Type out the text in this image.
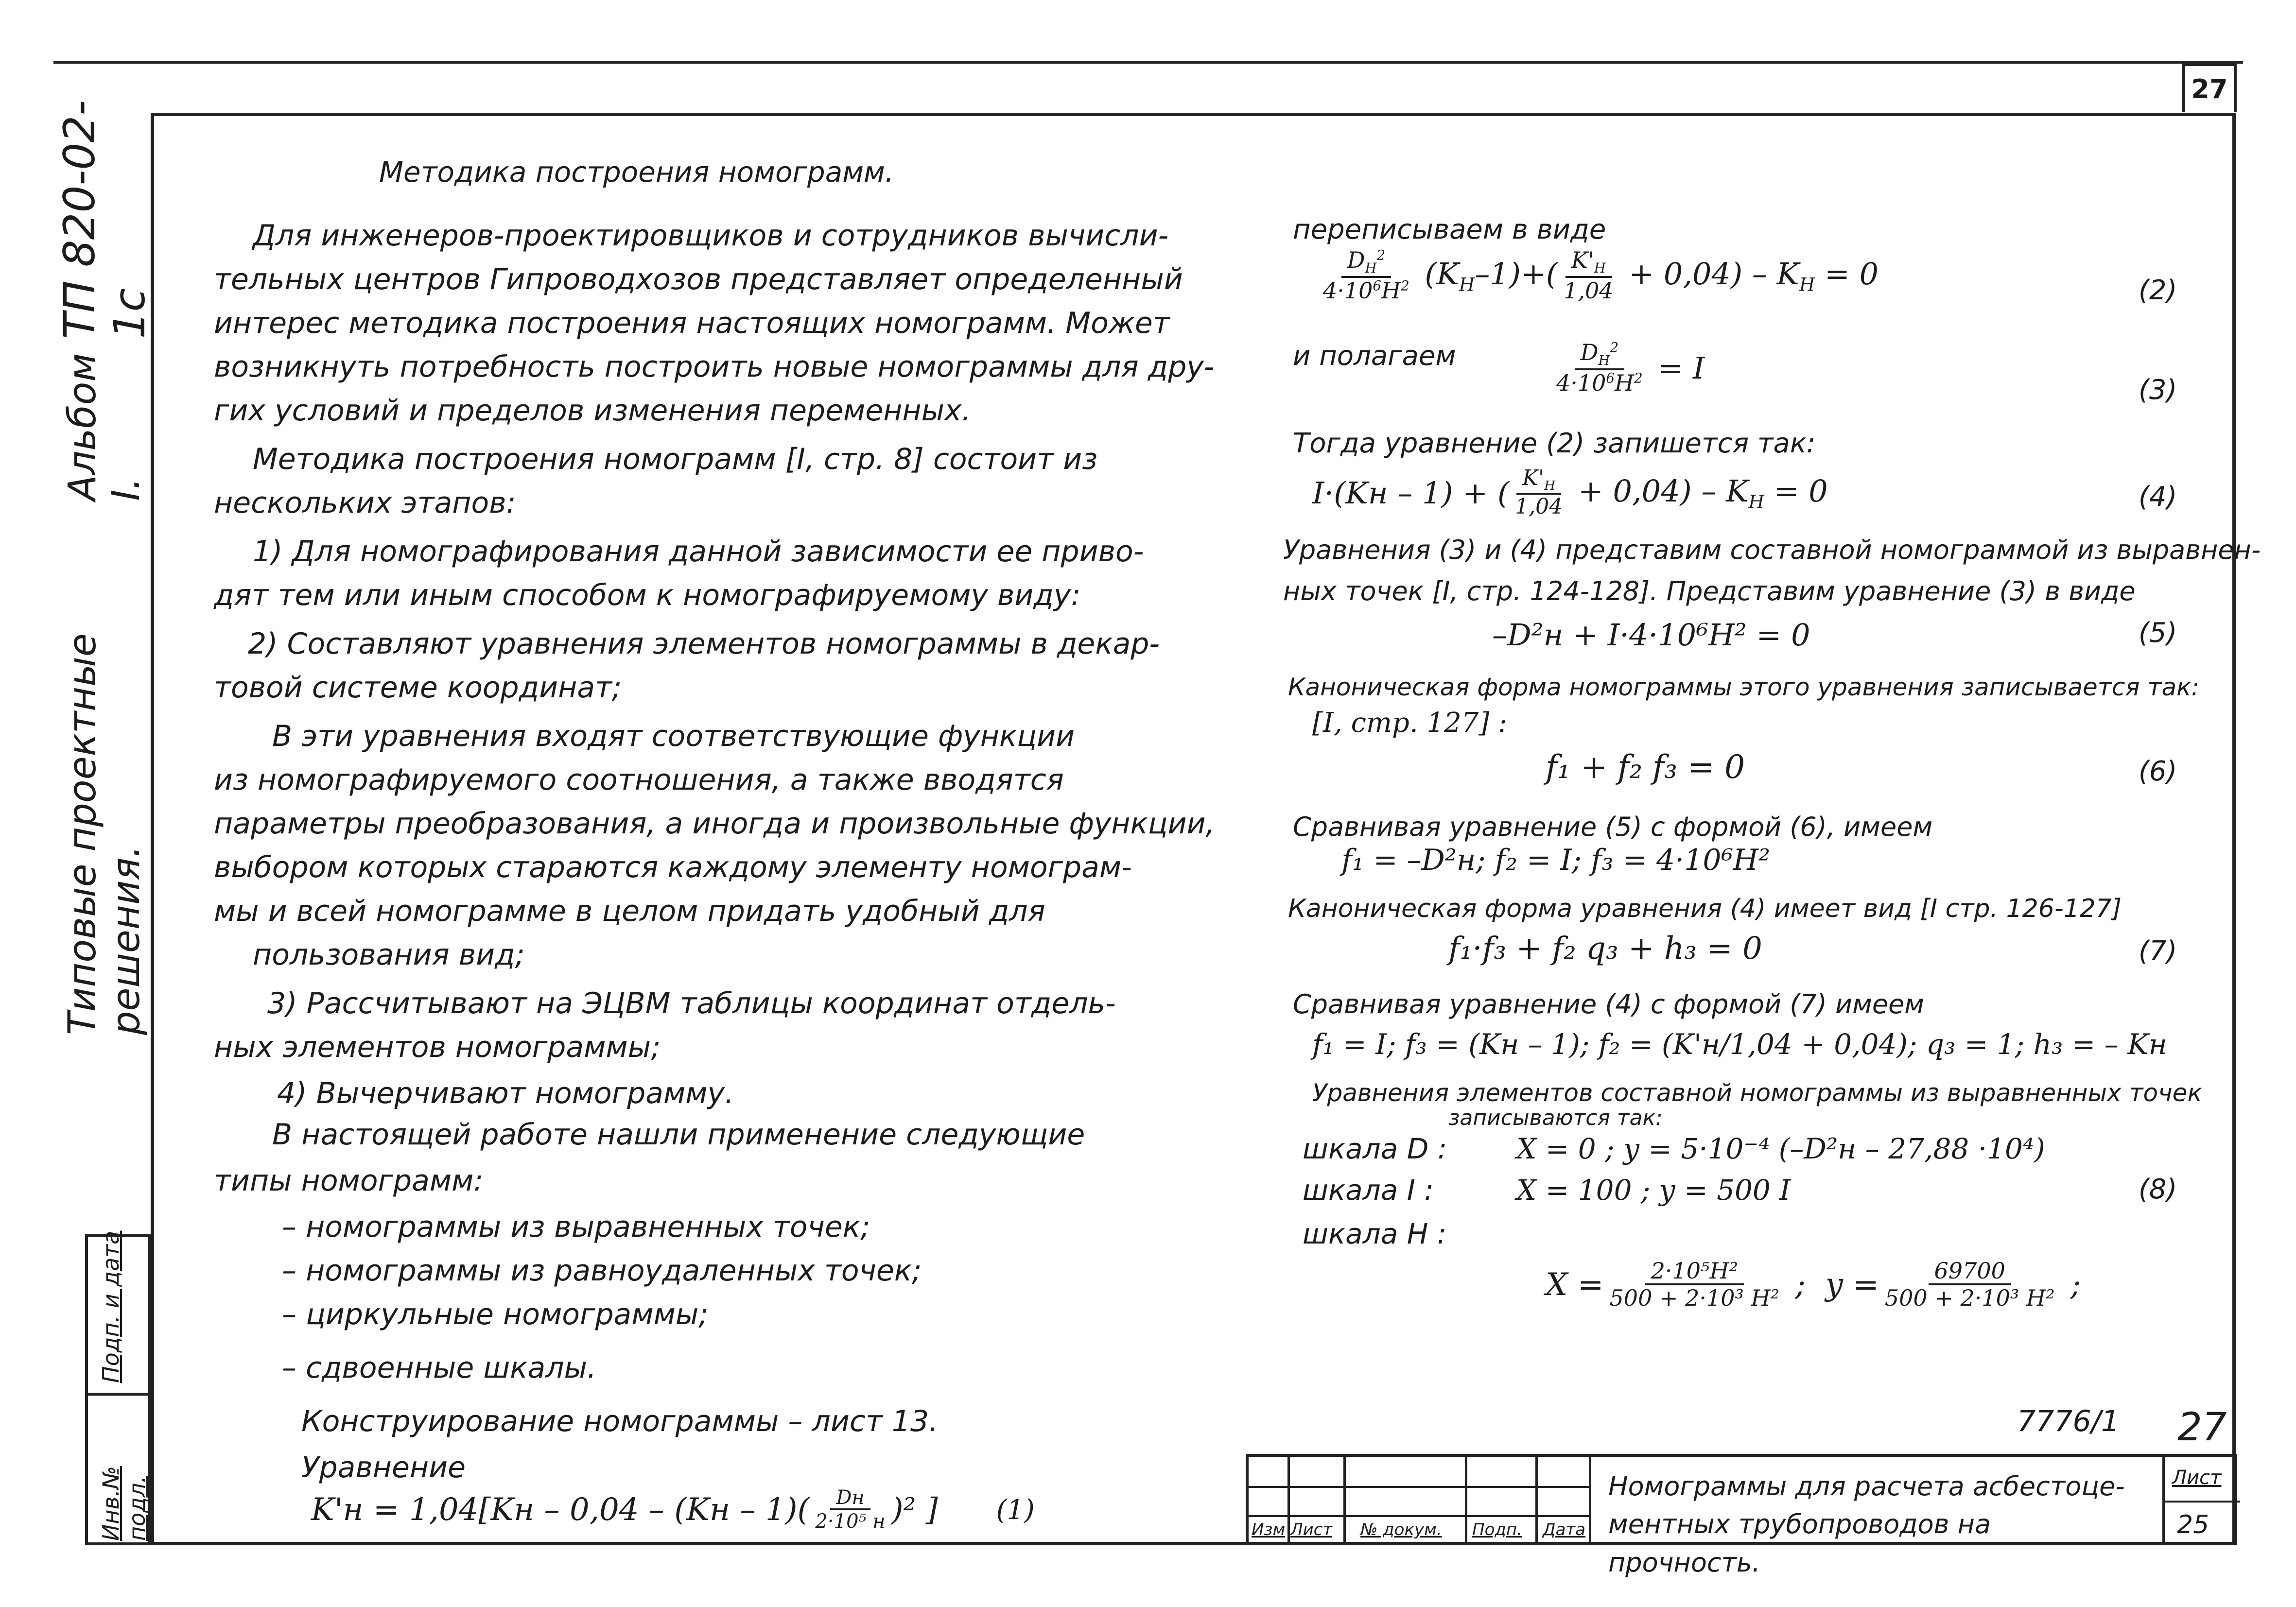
27
Типовые проектные решения.
Альбом I.
ТП 820-02-1с
Подп. и дата
Инв.№ подл.
Методика построения номограмм.
Для инженеров-проектировщиков и сотрудников вычисли-
тельных центров Гипроводхозов представляет определенный
интерес методика построения настоящих номограмм. Может
возникнуть потребность построить новые номограммы для дру-
гих условий и пределов изменения переменных.
Методика построения номограмм [I, стр. 8] состоит из
нескольких этапов:
1) Для номографирования данной зависимости ее приво-
дят тем или иным способом к номографируемому виду:
2) Составляют уравнения элементов номограммы в декар-
товой системе координат;
В эти уравнения входят соответствующие функции
из номографируемого соотношения, а также вводятся
параметры преобразования, а иногда и произвольные функции,
выбором которых стараются каждому элементу номограм-
мы и всей номограмме в целом придать удобный для
пользования вид;
3) Рассчитывают на ЭЦВМ таблицы координат отдель-
ных элементов номограммы;
4) Вычерчивают номограмму.
В настоящей работе нашли применение следующие
типы номограмм:
– номограммы из выравненных точек;
– номограммы из равноудаленных точек;
– циркульные номограммы;
– сдвоенные шкалы.
Конструирование номограммы – лист 13.
Уравнение
$K'н = 1,04[Kн - 0,04 - (Kн - 1)( \frac{Dн}{\text{2·10⁵ н}} )^2$ ] (1)
переписываем в виде
$\frac{D_H^2}{4\cdot 10^6H^2} (K_H-1)+( \frac{K'_H}{1,04} + 0,04) - K_H = 0$	(2)
и полагаем	$\frac{D_H^2}{4\cdot 10^6H^2} = I$
(3)
Тогда уравнение (2) запишется так:
I·(Kн – 1) + ( $\frac{K'_H}{1,04} + 0,04) - K_H = 0$	(4)
Уравнения (3) и (4) представим составной номограммой из выравнен-
ных точек [I, стр. 124-128]. Представим уравнение (3) в виде
–D²н + I·4·10⁶H² = 0	(5)
Каноническая форма номограммы этого уравнения записывается так:
[I, стр. 127] :
f₁ + f₂ f₃ = 0	(6)
Сравнивая уравнение (5) с формой (6), имеем
f₁ = –D²н; f₂ = I; f₃ = 4·10⁶H²
Каноническая форма уравнения (4) имеет вид [I стр. 126-127]
f₁·f₃ + f₂ q₃ + h₃ = 0	(7)
Сравнивая уравнение (4) с формой (7) имеем
f₁ = I; f₃ = (Kн – 1); f₂ = (K'н/1,04 + 0,04); q₃ = 1; h₃ = – Kн
Уравнения элементов составной номограммы из выравненных точек
записываются так:
шкала D : X = 0 ; y = 5·10⁻⁴ (–D²н – 27,88 ·10⁴)
шкала I :	X = 100 ; y = 500 I	(8)
шкала H :
$X = \frac{\text{2·10⁵H²}}{\text{500 + 2·10³ H²}}$ ;  $y = \frac{69700}{\text{500 + 2·10³ H²}}$ ;
7776/1 27
Изм Лист № докум. Подп. Дата
Номограммы для расчета асбестоце-ментных трубопроводов на прочность.
Лист
25
